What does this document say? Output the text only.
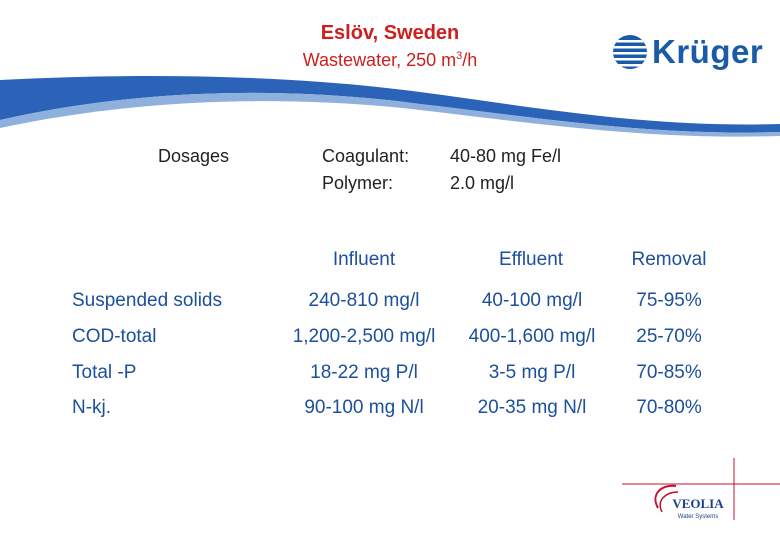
Eslöv, Sweden
Wastewater, 250 $m^3/h$	Krüger
Dosages	Coagulant: 40-80 mg Fe/l
Polymer:	2.0 mg/l
Influent	Effluent	Removal
Suspended solids	240-810 mg/l	40-100 mg/l	75-95%
COD-total	1,200-2,500 mg/l	400-1,600 mg/l	25-70%
Total -P	18-22 mg P/l	3-5 mg P/l	70-85%
N-kj.	90-100 mg N/l	20-35 mg N/l	70-80%
VEOLIA
Water Systems
